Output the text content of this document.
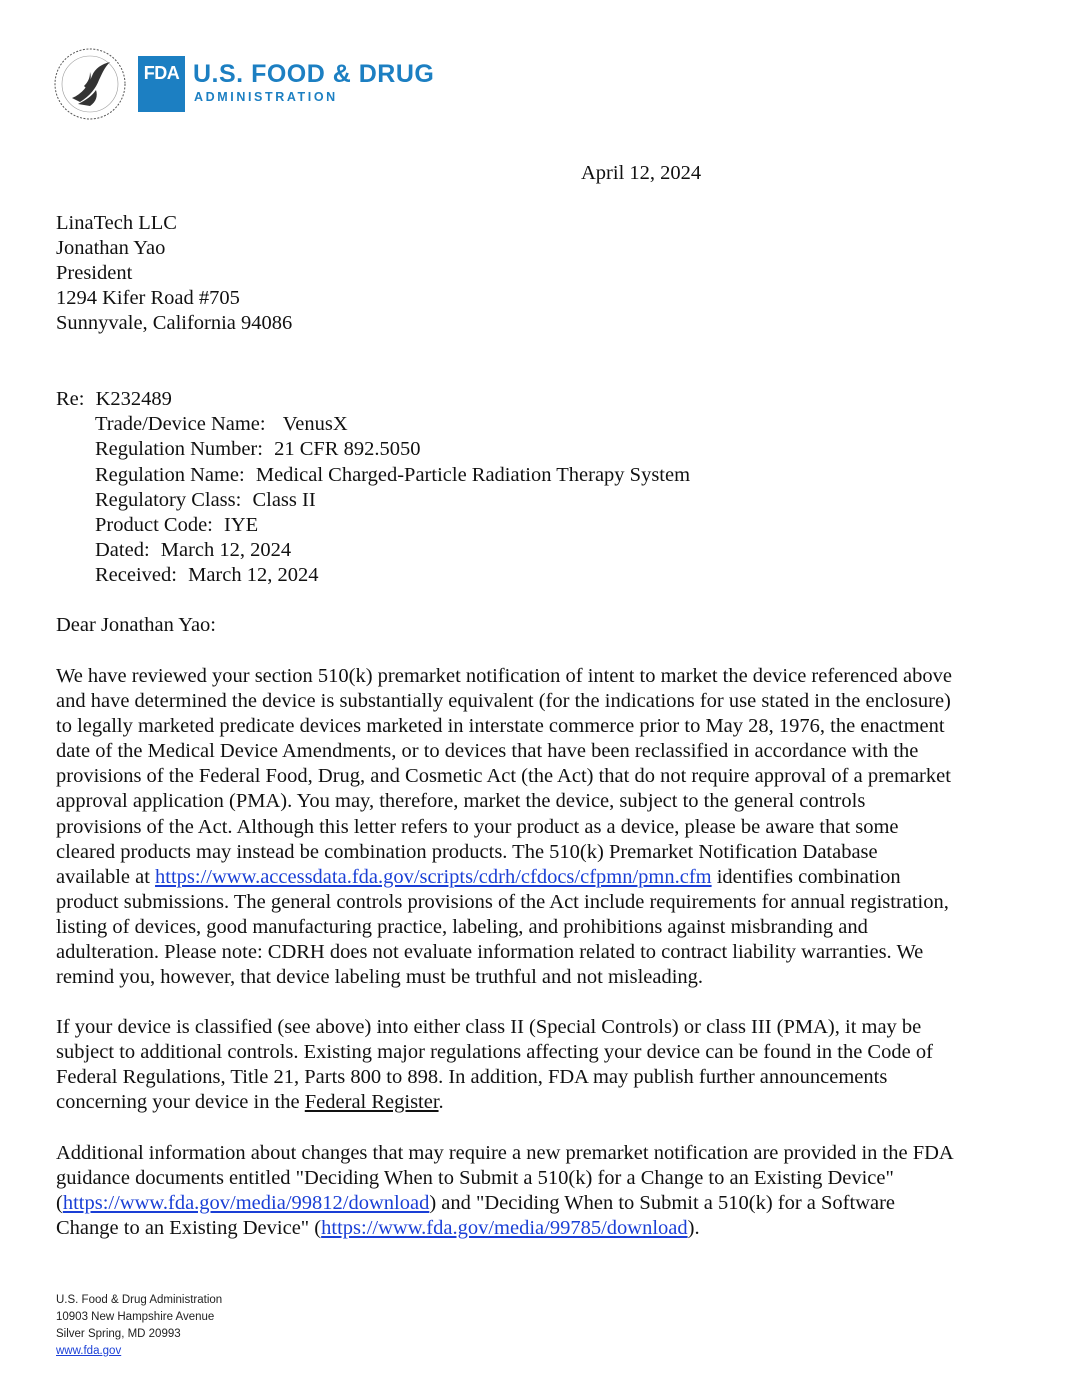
FDA U.S. FOOD & DRUG
ADMINISTRATION
April 12, 2024
LinaTech LLC
Jonathan Yao
President
1294 Kifer Road #705
Sunnyvale, California 94086
Re: K232489
Trade/Device Name: VenusX
Regulation Number: 21 CFR 892.5050
Regulation Name: Medical Charged-Particle Radiation Therapy System
Regulatory Class: Class II
Product Code: IYE
Dated: March 12, 2024
Received: March 12, 2024
Dear Jonathan Yao:
We have reviewed your section 510(k) premarket notification of intent to market the device referenced above
and have determined the device is substantially equivalent (for the indications for use stated in the enclosure)
to legally marketed predicate devices marketed in interstate commerce prior to May 28, 1976, the enactment
date of the Medical Device Amendments, or to devices that have been reclassified in accordance with the
provisions of the Federal Food, Drug, and Cosmetic Act (the Act) that do not require approval of a premarket
approval application (PMA). You may, therefore, market the device, subject to the general controls
provisions of the Act. Although this letter refers to your product as a device, please be aware that some
cleared products may instead be combination products. The 510(k) Premarket Notification Database
available at https://www.accessdata.fda.gov/scripts/cdrh/cfdocs/cfpmn/pmn.cfm identifies combination
product submissions. The general controls provisions of the Act include requirements for annual registration,
listing of devices, good manufacturing practice, labeling, and prohibitions against misbranding and
adulteration. Please note: CDRH does not evaluate information related to contract liability warranties. We
remind you, however, that device labeling must be truthful and not misleading.
If your device is classified (see above) into either class II (Special Controls) or class III (PMA), it may be
subject to additional controls. Existing major regulations affecting your device can be found in the Code of
Federal Regulations, Title 21, Parts 800 to 898. In addition, FDA may publish further announcements
concerning your device in the Federal Register.
Additional information about changes that may require a new premarket notification are provided in the FDA
guidance documents entitled "Deciding When to Submit a 510(k) for a Change to an Existing Device"
(https://www.fda.gov/media/99812/download) and "Deciding When to Submit a 510(k) for a Software
Change to an Existing Device" (https://www.fda.gov/media/99785/download).
U.S. Food & Drug Administration
10903 New Hampshire Avenue
Silver Spring, MD 20993
www.fda.gov
